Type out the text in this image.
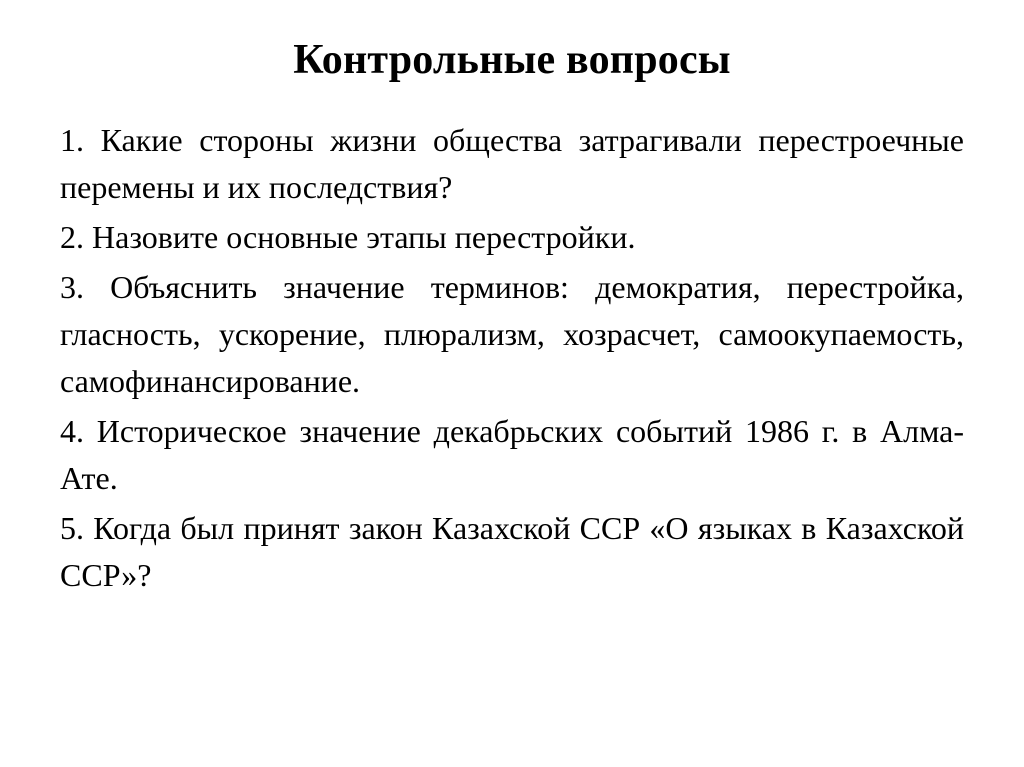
Контрольные вопросы
1. Какие стороны жизни общества затрагивали перестроечные перемены и их последствия?
2. Назовите основные этапы перестройки.
3. Объяснить значение терминов: демократия, перестройка, гласность, ускорение, плюрализм, хозрасчет, самоокупаемость, самофинансирование.
4. Историческое значение декабрьских событий 1986 г. в Алма-Ате.
5. Когда был принят закон Казахской ССР «О языках в Казахской ССР»?
